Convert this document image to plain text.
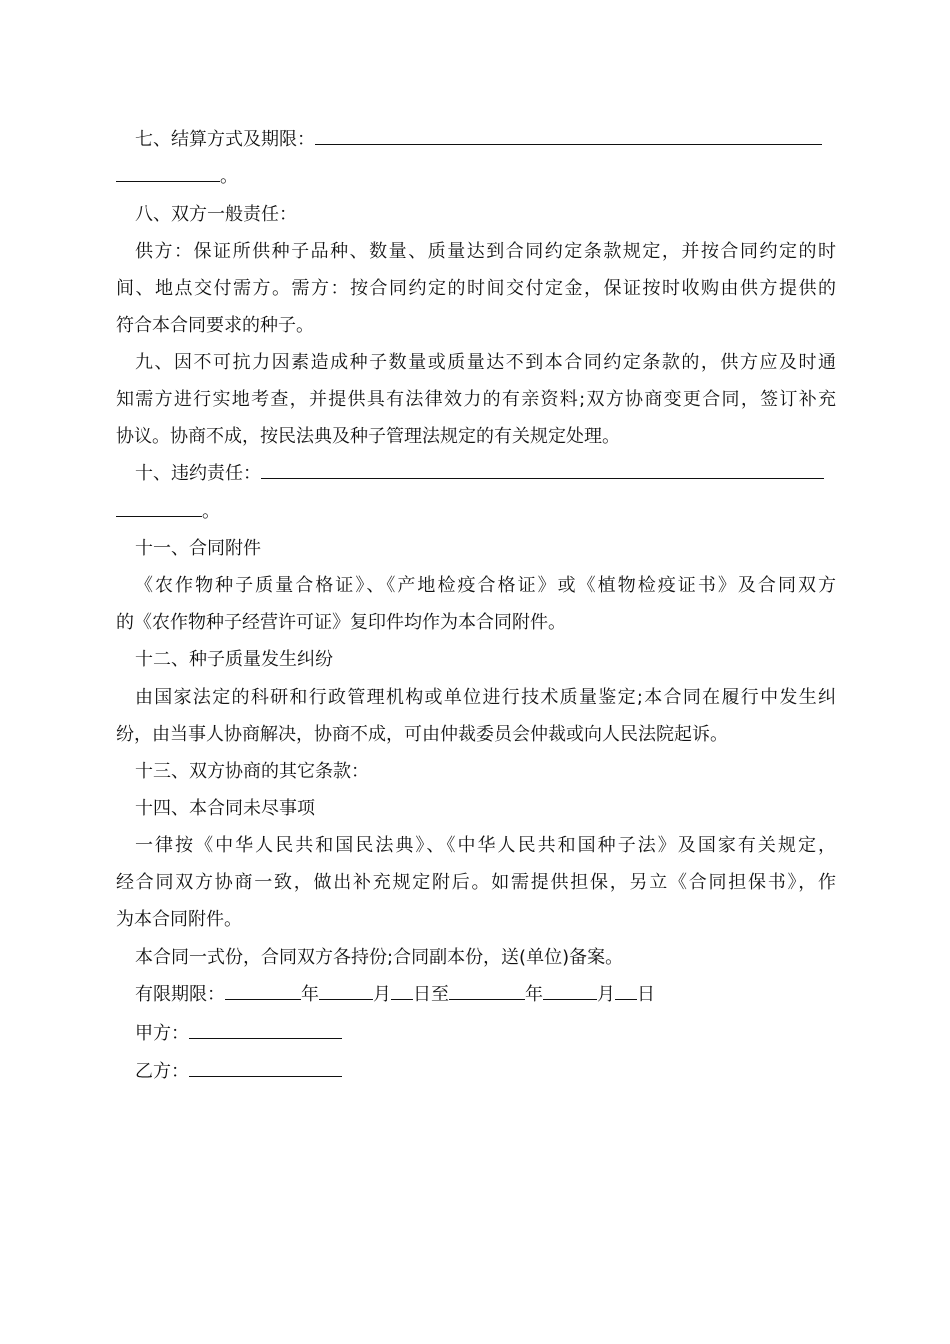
七、结算方式及期限：
。
八、双方一般责任：
供方：保证所供种子品种、数量、质量达到合同约定条款规定，并按合同约定的时
间、地点交付需方。需方：按合同约定的时间交付定金，保证按时收购由供方提供的
符合本合同要求的种子。
九、因不可抗力因素造成种子数量或质量达不到本合同约定条款的，供方应及时通
知需方进行实地考查，并提供具有法律效力的有亲资料;双方协商变更合同，签订补充
协议。协商不成，按民法典及种子管理法规定的有关规定处理。
十、违约责任：
。
十一、合同附件
《农作物种子质量合格证》、《产地检疫合格证》或《植物检疫证书》及合同双方
的《农作物种子经营许可证》复印件均作为本合同附件。
十二、种子质量发生纠纷
由国家法定的科研和行政管理机构或单位进行技术质量鉴定;本合同在履行中发生纠
纷，由当事人协商解决，协商不成，可由仲裁委员会仲裁或向人民法院起诉。
十三、双方协商的其它条款：
十四、本合同未尽事项
一律按《中华人民共和国民法典》、《中华人民共和国种子法》及国家有关规定，
经合同双方协商一致，做出补充规定附后。如需提供担保，另立《合同担保书》，作
为本合同附件。
本合同一式份，合同双方各持份;合同副本份，送(单位)备案。
有限期限：	年	月 日至	年	月 日
甲方：
乙方：
